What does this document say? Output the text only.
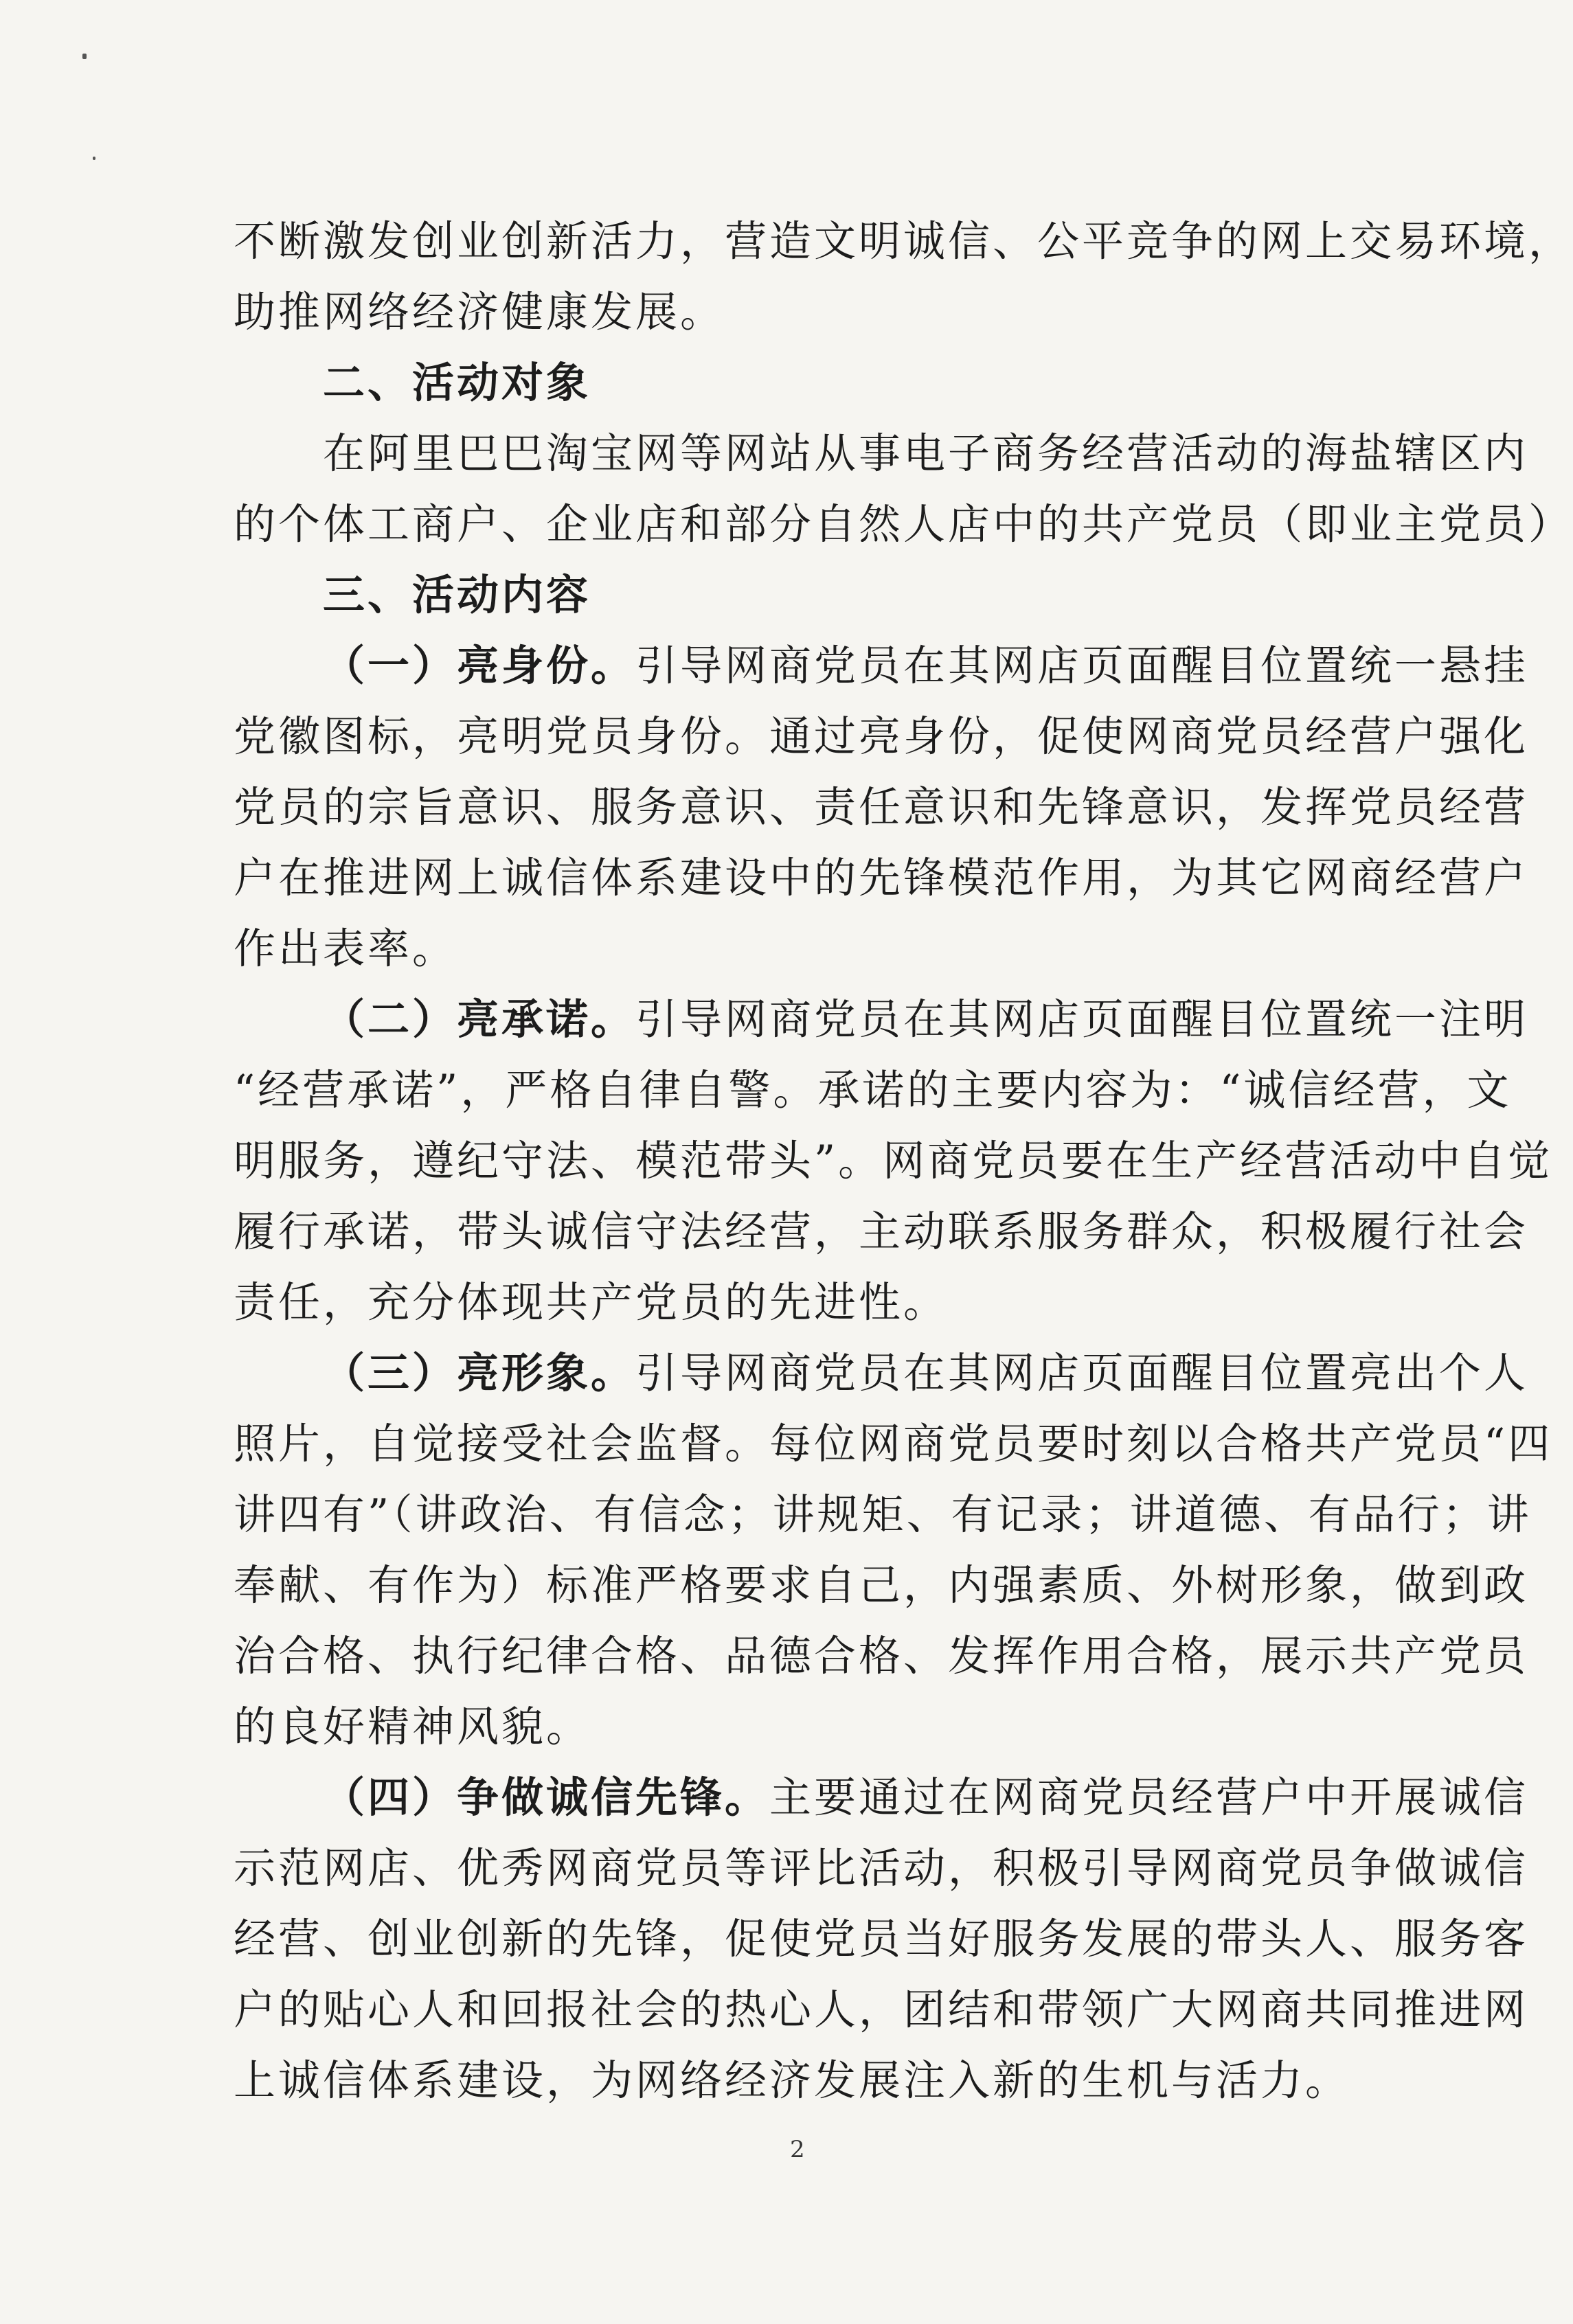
不断激发创业创新活力，营造文明诚信、公平竞争的网上交易环境，
助推网络经济健康发展。
二、活动对象
在阿里巴巴淘宝网等网站从事电子商务经营活动的海盐辖区内
的个体工商户、企业店和部分自然人店中的共产党员（即业主党员）
三、活动内容
（一）亮身份。引导网商党员在其网店页面醒目位置统一悬挂
党徽图标，亮明党员身份。通过亮身份，促使网商党员经营户强化
党员的宗旨意识、服务意识、责任意识和先锋意识，发挥党员经营
户在推进网上诚信体系建设中的先锋模范作用，为其它网商经营户
作出表率。
（二）亮承诺。引导网商党员在其网店页面醒目位置统一注明
“经营承诺”，严格自律自警。承诺的主要内容为：“诚信经营，文
明服务，遵纪守法、模范带头”。网商党员要在生产经营活动中自觉
履行承诺，带头诚信守法经营，主动联系服务群众，积极履行社会
责任，充分体现共产党员的先进性。
（三）亮形象。引导网商党员在其网店页面醒目位置亮出个人
照片，自觉接受社会监督。每位网商党员要时刻以合格共产党员“四
讲四有”（讲政治、有信念；讲规矩、有记录；讲道德、有品行；讲
奉献、有作为）标准严格要求自己，内强素质、外树形象，做到政
治合格、执行纪律合格、品德合格、发挥作用合格，展示共产党员
的良好精神风貌。
（四）争做诚信先锋。主要通过在网商党员经营户中开展诚信
示范网店、优秀网商党员等评比活动，积极引导网商党员争做诚信
经营、创业创新的先锋，促使党员当好服务发展的带头人、服务客
户的贴心人和回报社会的热心人，团结和带领广大网商共同推进网
上诚信体系建设，为网络经济发展注入新的生机与活力。
2
